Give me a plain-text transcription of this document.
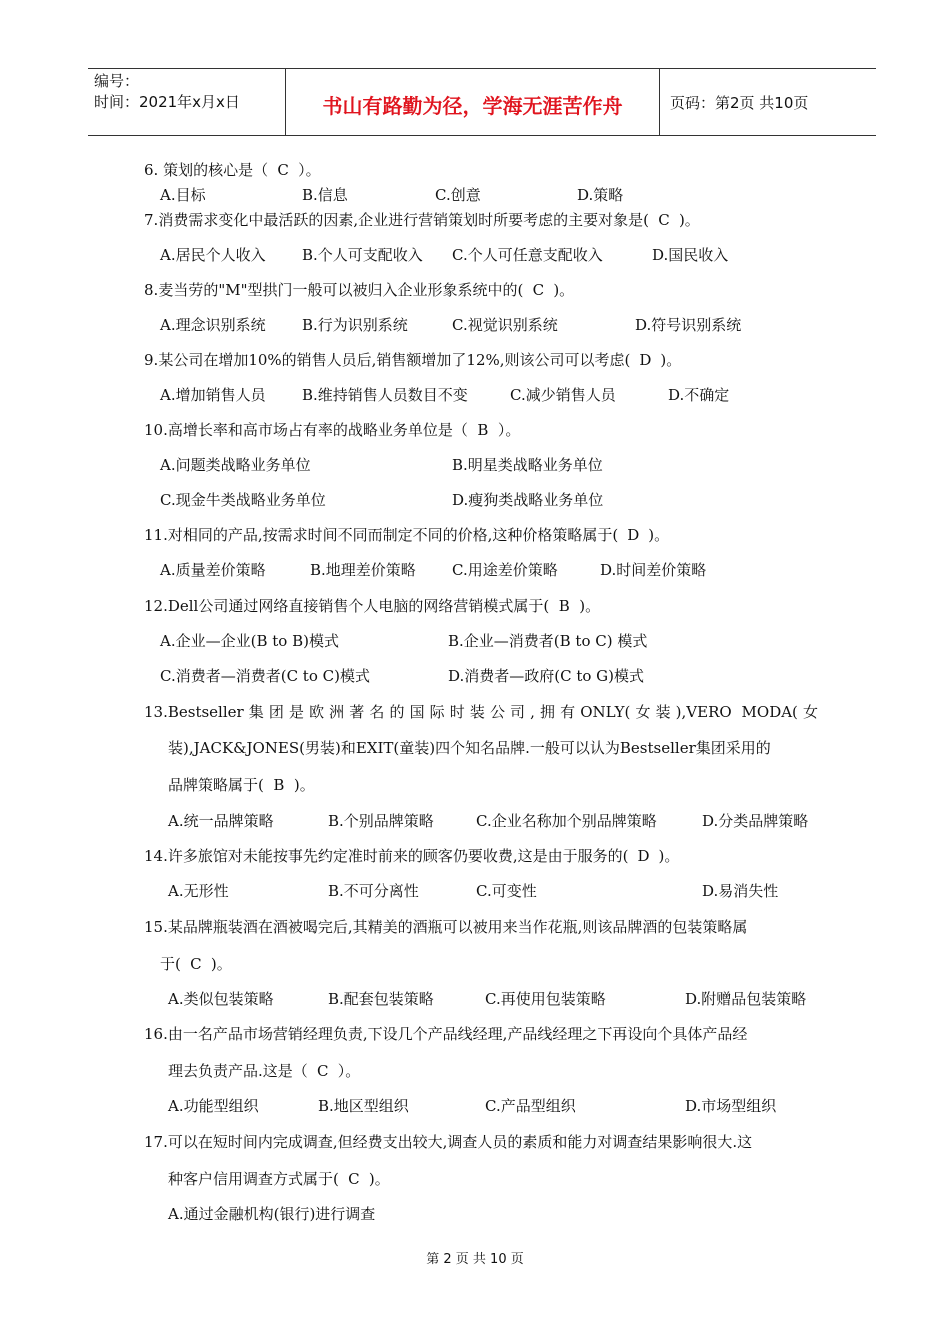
编号：
时间：2021年x月x日	书山有路勤为径，学海无涯苦作舟	页码：第2页 共10页
6. 策划的核心是（ C ）。
A.目标	B.信息	C.创意	D.策略
7.消费需求变化中最活跃的因素,企业进行营销策划时所要考虑的主要对象是( C )。
A.居民个人收入 B.个人可支配收入 C.个人可任意支配收入	D.国民收入
8.麦当劳的"M"型拱门一般可以被归入企业形象系统中的( C )。
A.理念识别系统 B.行为识别系统	C.视觉识别系统	D.符号识别系统
9.某公司在增加10%的销售人员后,销售额增加了12%,则该公司可以考虑( D )。
A.增加销售人员 B.维持销售人员数目不变	C.减少销售人员	D.不确定
10.高增长率和高市场占有率的战略业务单位是（ B ）。
A.问题类战略业务单位	B.明星类战略业务单位
C.现金牛类战略业务单位	D.瘦狗类战略业务单位
11.对相同的产品,按需求时间不同而制定不同的价格,这种价格策略属于( D )。
A.质量差价策略	B.地理差价策略 C.用途差价策略	D.时间差价策略
12.Dell公司通过网络直接销售个人电脑的网络营销模式属于( B )。
A.企业—企业(B to B)模式	B.企业—消费者(B to C) 模式
C.消费者—消费者(C to C)模式	D.消费者—政府(C to G)模式
13.Bestseller集团是欧洲著名的国际时装公司,拥有ONLY(女装),VERO MODA(女
装),JACK&JONES(男装)和EXIT(童装)四个知名品牌.一般可以认为Bestseller集团采用的
品牌策略属于( B )。
A.统一品牌策略	B.个别品牌策略	C.企业名称加个别品牌策略	D.分类品牌策略
14.许多旅馆对未能按事先约定准时前来的顾客仍要收费,这是由于服务的( D )。
A.无形性	B.不可分离性	C.可变性	D.易消失性
15.某品牌瓶装酒在酒被喝完后,其精美的酒瓶可以被用来当作花瓶,则该品牌酒的包装策略属
于( C )。
A.类似包装策略	B.配套包装策略	C.再使用包装策略	D.附赠品包装策略
16.由一名产品市场营销经理负责,下设几个产品线经理,产品线经理之下再设向个具体产品经
理去负责产品.这是（ C ）。
A.功能型组织	B.地区型组织	C.产品型组织	D.市场型组织
17.可以在短时间内完成调查,但经费支出较大,调查人员的素质和能力对调查结果影响很大.这
种客户信用调查方式属于( C )。
A.通过金融机构(银行)进行调查
第 2 页 共 10 页
